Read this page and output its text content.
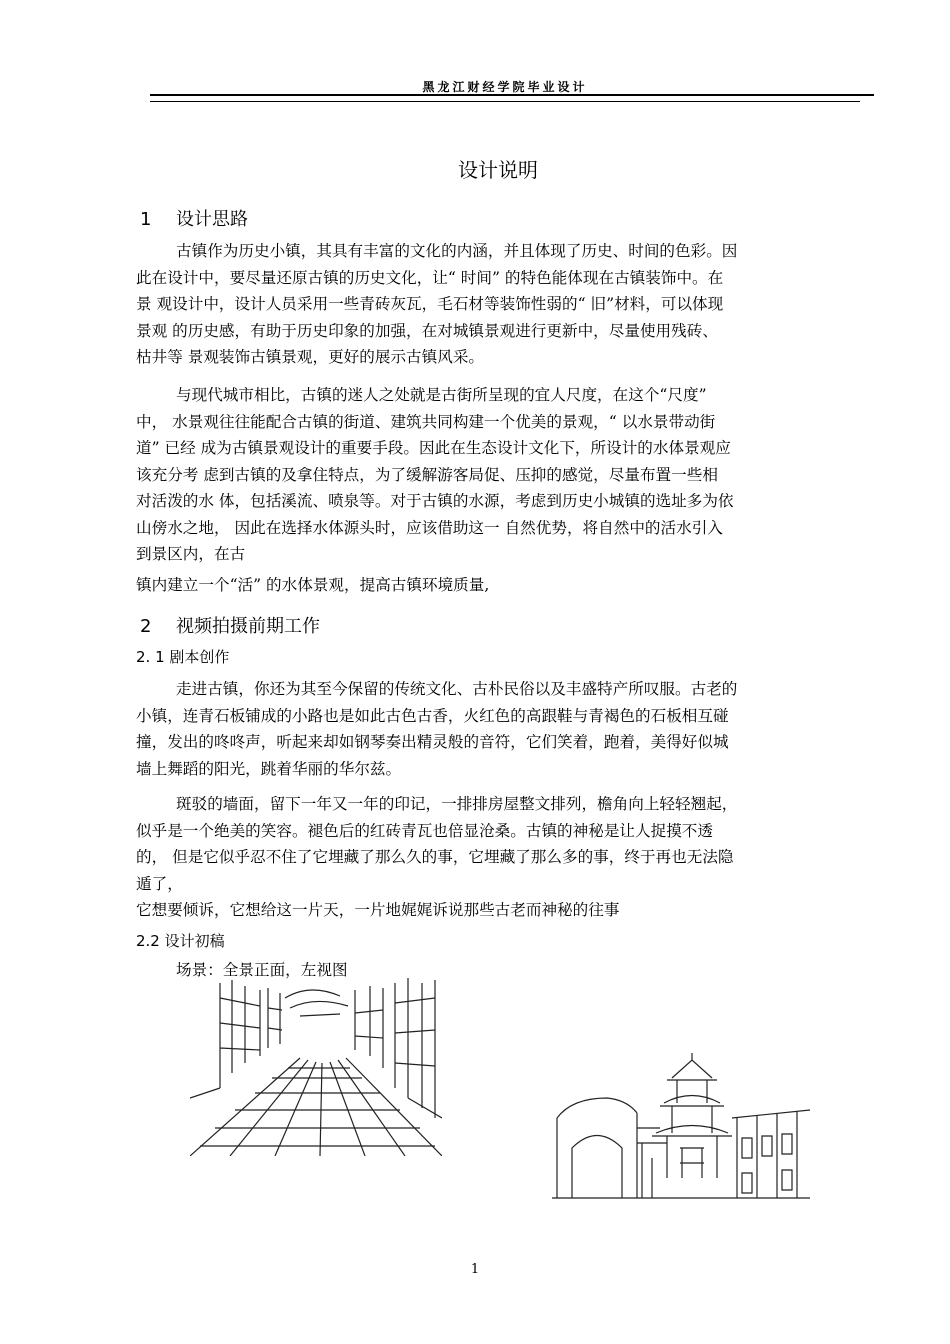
黑龙江财经学院毕业设计
设计说明
1 设计思路
古镇作为历史小镇，其具有丰富的文化的内涵，并且体现了历史、时间的色彩。因
此在设计中，要尽量还原古镇的历史文化，让“ 时间” 的特色能体现在古镇装饰中。在
景 观设计中，设计人员采用一些青砖灰瓦，毛石材等装饰性弱的“ 旧”材料，可以体现
景观 的历史感，有助于历史印象的加强，在对城镇景观进行更新中，尽量使用残砖、
枯井等 景观装饰古镇景观，更好的展示古镇风采。
与现代城市相比，古镇的迷人之处就是古街所呈现的宜人尺度，在这个“尺度”
中， 水景观往往能配合古镇的街道、建筑共同构建一个优美的景观，“ 以水景带动街
道” 已经 成为古镇景观设计的重要手段。因此在生态设计文化下，所设计的水体景观应
该充分考 虑到古镇的及拿住特点，为了缓解游客局促、压抑的感觉，尽量布置一些相
对活泼的水 体，包括溪流、喷泉等。对于古镇的水源，考虑到历史小城镇的选址多为依
山傍水之地， 因此在选择水体源头时，应该借助这一 自然优势，将自然中的活水引入
到景区内，在古
镇内建立一个“活” 的水体景观，提高古镇环境质量,
2 视频拍摄前期工作
2. 1 剧本创作
走进古镇，你还为其至今保留的传统文化、古朴民俗以及丰盛特产所叹服。古老的
小镇，连青石板铺成的小路也是如此古色古香，火红色的高跟鞋与青褐色的石板相互碰
撞，发出的咚咚声，听起来却如钢琴奏出精灵般的音符，它们笑着，跑着，美得好似城
墙上舞蹈的阳光，跳着华丽的华尔兹。
斑驳的墙面，留下一年又一年的印记，一排排房屋整文排列，檐角向上轻轻翘起，
似乎是一个绝美的笑容。褪色后的红砖青瓦也倍显沧桑。古镇的神秘是让人捉摸不透
的， 但是它似乎忍不住了它埋藏了那么久的事，它埋藏了那么多的事，终于再也无法隐
遁了，
它想要倾诉，它想给这一片天，一片地娓娓诉说那些古老而神秘的往事
2.2 设计初稿
场景：全景正面，左视图
1
